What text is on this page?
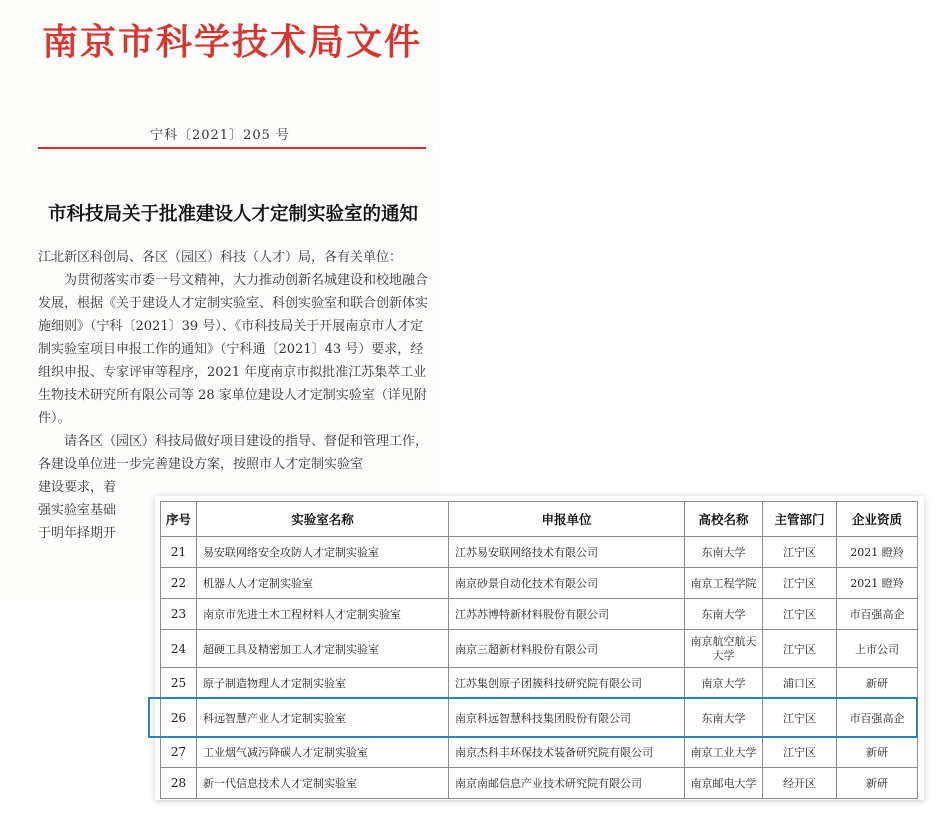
南京市科学技术局文件
宁科〔2021〕205 号
市科技局关于批准建设人才定制实验室的通知

江北新区科创局、各区（园区）科技（人才）局，各有关单位：

为贯彻落实市委一号文精神，大力推动创新名城建设和校地融合发展，根据《关于建设人才定制实验室、科创实验室和联合创新体实施细则》（宁科〔2021〕39 号）、《市科技局关于开展南京市人才定制实验室项目申报工作的通知》（宁科通〔2021〕43 号）要求，经组织申报、专家评审等程序，2021 年度南京市拟批准江苏集萃工业生物技术研究所有限公司等 28 家单位建设人才定制实验室（详见附件）。

请各区（园区）科技局做好项目建设的指导、督促和管理工作，各建设单位进一步完善建设方案，按照市人才定制实验室

建设要求，着

强实验室基础

于明年择期开

序号	实验室名称	申报单位	高校名称	主管部门	企业资质
21	易安联网络安全攻防人才定制实验室	江苏易安联网络技术有限公司	东南大学	江宁区	2021 瞪羚
22	机器人人才定制实验室	南京砂景自动化技术有限公司	南京工程学院	江宁区	2021 瞪羚
23	南京市先进土木工程材料人才定制实验室	江苏苏博特新材料股份有限公司	东南大学	江宁区	市百强高企
24	超硬工具及精密加工人才定制实验室	南京三超新材料股份有限公司	南京航空航天大学	江宁区	上市公司
25	原子制造物理人才定制实验室	江苏集创原子团簇科技研究院有限公司	南京大学	浦口区	新研
26	科远智慧产业人才定制实验室	南京科远智慧科技集团股份有限公司	东南大学	江宁区	市百强高企
27	工业烟气减污降碳人才定制实验室	南京杰科丰环保技术装备研究院有限公司	南京工业大学	江宁区	新研
28	新一代信息技术人才定制实验室	南京南邮信息产业技术研究院有限公司	南京邮电大学	经开区	新研
